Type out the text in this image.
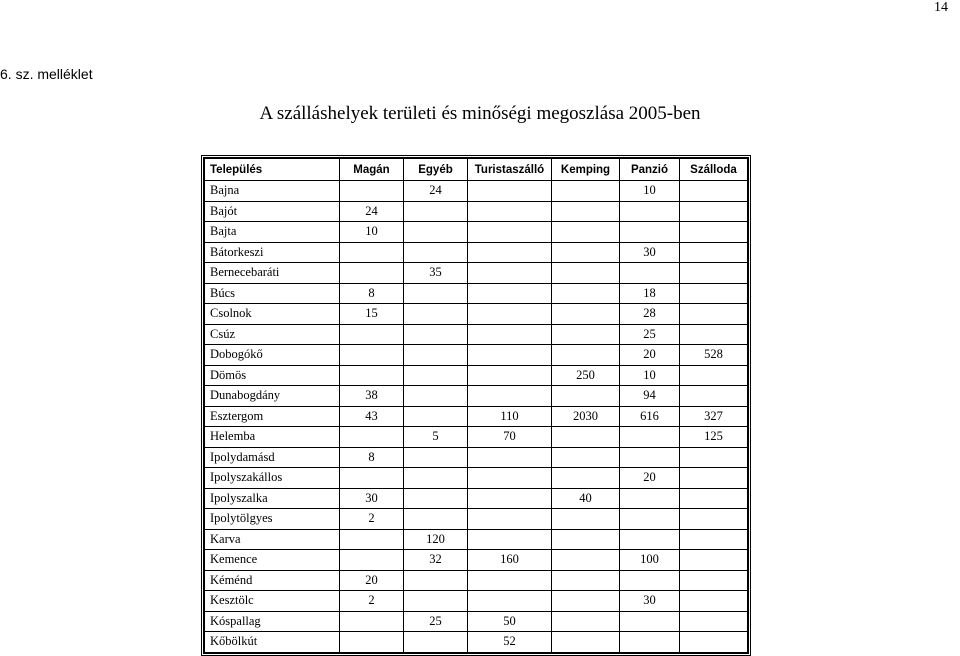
14
6. sz. melléklet
A szálláshelyek területi és minőségi megoszlása 2005-ben
Település	Magán	Egyéb	Turistaszálló	Kemping	Panzió	Szálloda
Bajna		24			10	
Bajót	24					
Bajta	10					
Bátorkeszi					30	
Bernecebaráti		35				
Búcs	8				18	
Csolnok	15				28	
Csúz					25	
Dobogókő					20	528
Dömös				250	10	
Dunabogdány	38				94	
Esztergom	43		110	2030	616	327
Helemba		5	70			125
Ipolydamásd	8					
Ipolyszakállos					20	
Ipolyszalka	30			40		
Ipolytölgyes	2					
Karva		120				
Kemence		32	160		100	
Kéménd	20					
Kesztölc	2				30	
Kóspallag		25	50			
Kőbölkút			52			
